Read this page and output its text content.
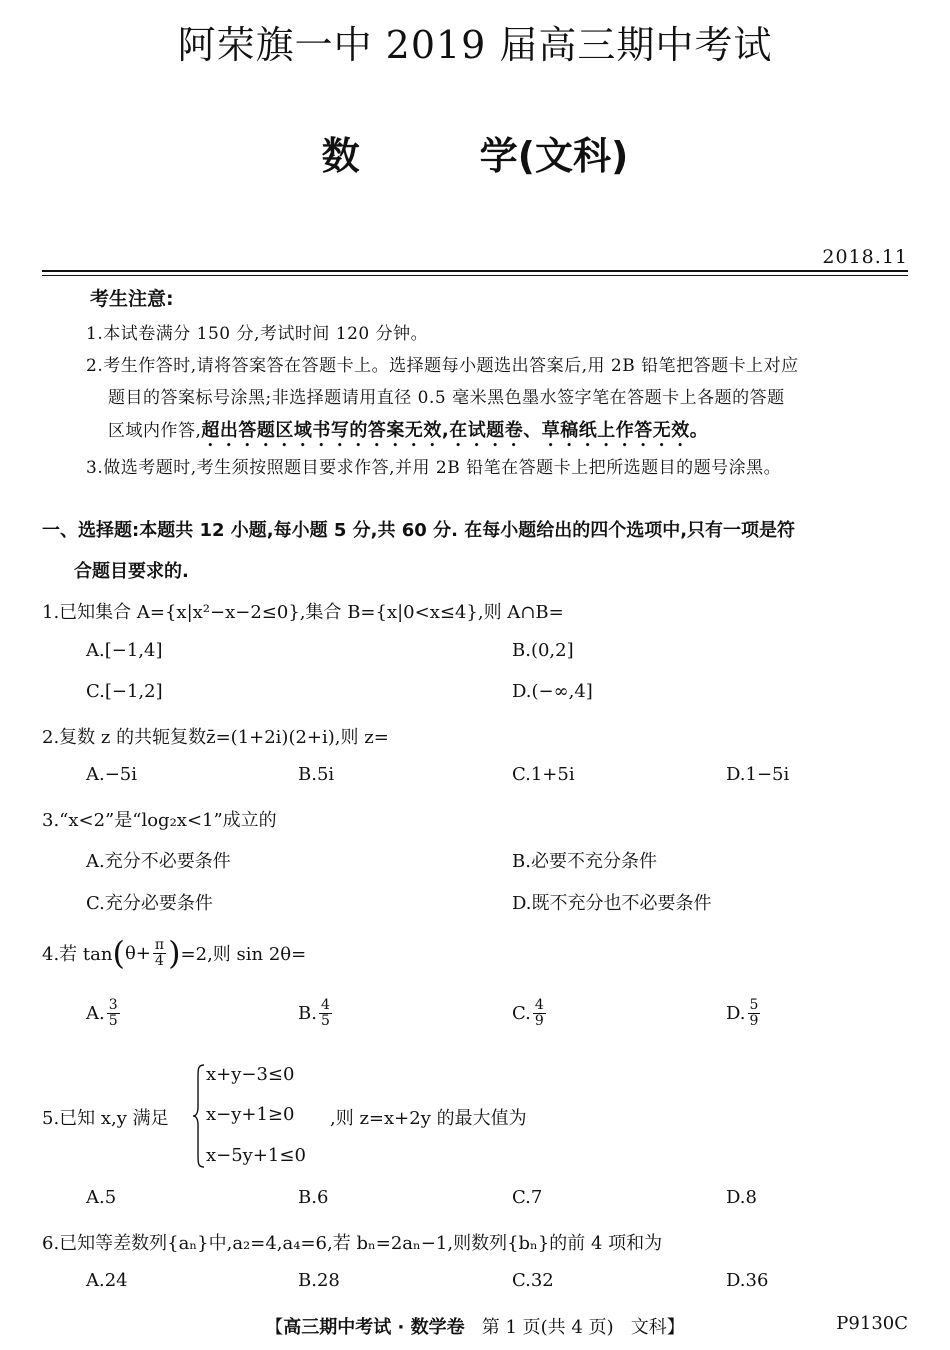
阿荣旗一中 2019 届高三期中考试
数	学(文科)
2018.11
考生注意:
1.本试卷满分 150 分,考试时间 120 分钟。
2.考生作答时,请将答案答在答题卡上。选择题每小题选出答案后,用 2B 铅笔把答题卡上对应
题目的答案标号涂黑;非选择题请用直径 0.5 毫米黑色墨水签字笔在答题卡上各题的答题
区域内作答,超出答题区域书写的答案无效,在试题卷、草稿纸上作答无效。
3.做选考题时,考生须按照题目要求作答,并用 2B 铅笔在答题卡上把所选题目的题号涂黑。
一、选择题:本题共 12 小题,每小题 5 分,共 60 分. 在每小题给出的四个选项中,只有一项是符
合题目要求的.
1.已知集合 A={x|x²−x−2≤0},集合 B={x|0<x≤4},则 A∩B=
A.[−1,4]	B.(0,2]
C.[−1,2]	D.(−∞,4]
2.复数 z 的共轭复数z̄=(1+2i)(2+i),则 z=
A.−5i	B.5i	C.1+5i	D.1−5i
3.“x<2”是“log₂x<1”成立的
A.充分不必要条件	B.必要不充分条件
C.充分必要条件	D.既不充分也不必要条件
4.若 tan ( $\theta+ \frac{\pi}{4}$ ) =2,则 sin 2θ=
A. $\frac{3}{5}$	B. $\frac{4}{5}$	C. $\frac{4}{9}$	D. $\frac{5}{9}$
5.已知 x,y 满足
x+y−3≤0
x−y+1≥0
x−5y+1≤0
,则 z=x+2y 的最大值为
A.5	B.6	C.7	D.8
6.已知等差数列{aₙ}中,a₂=4,a₄=6,若 bₙ=2aₙ−1,则数列{bₙ}的前 4 项和为
A.24	B.28	C.32	D.36
【高三期中考试 · 数学卷 第 1 页(共 4 页) 文科】	P9130C
